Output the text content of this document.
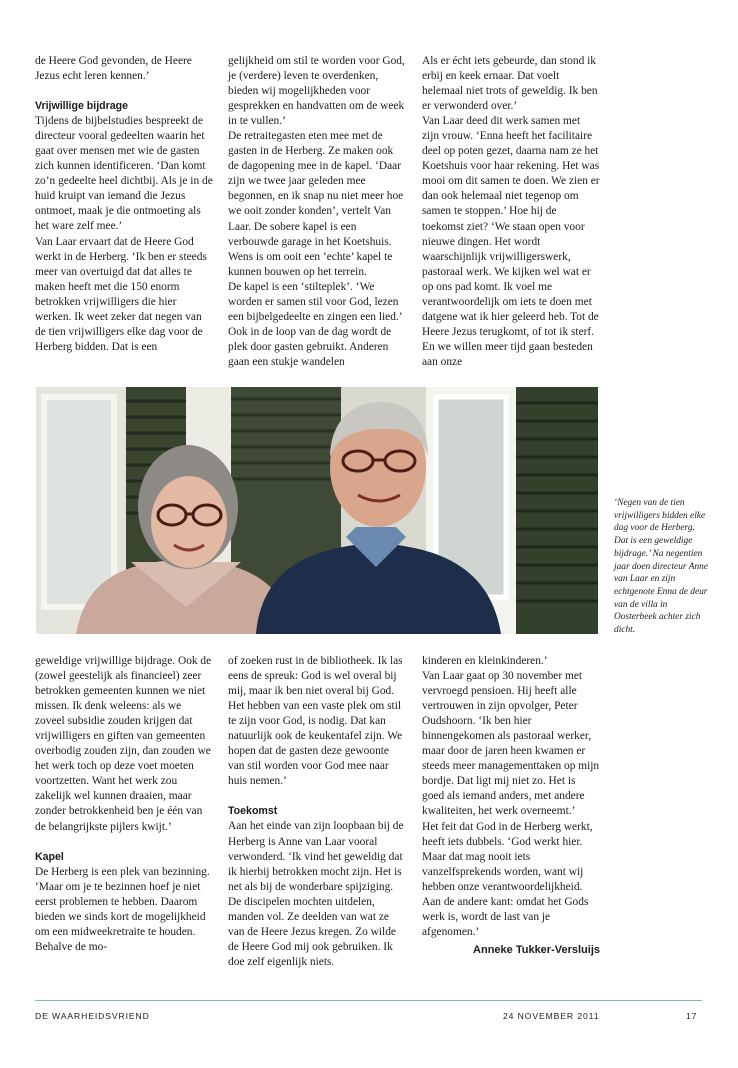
de Heere God gevonden, de Heere Jezus echt leren kennen.’

Vrijwillige bijdrage

Tijdens de bijbelstudies bespreekt de directeur vooral gedeelten waarin het gaat over mensen met wie de gasten zich kunnen identificeren. ‘Dan komt zo’n gedeelte heel dichtbij. Als je in de huid kruipt van iemand die Jezus ontmoet, maak je die ontmoeting als het ware zelf mee.’

Van Laar ervaart dat de Heere God werkt in de Herberg. ‘Ik ben er steeds meer van overtuigd dat dat alles te maken heeft met die 150 enorm betrokken vrijwilligers die hier werken. Ik weet zeker dat negen van de tien vrijwilligers elke dag voor de Herberg bidden. Dat is een

gelijkheid om stil te worden voor God, je (verdere) leven te overdenken, bieden wij mogelijkheden voor gesprekken en handvatten om de week in te vullen.’

De retraitegasten eten mee met de gasten in de Herberg. Ze maken ook de dagopening mee in de kapel. ‘Daar zijn we twee jaar geleden mee begonnen, en ik snap nu niet meer hoe we ooit zonder konden’, vertelt Van Laar. De sobere kapel is een verbouwde garage in het Koetshuis. Wens is om ooit een ‘echte’ kapel te kunnen bouwen op het terrein.

De kapel is een ‘stilteplek’. ‘We worden er samen stil voor God, lezen een bijbelgedeelte en zingen een lied.’ Ook in de loop van de dag wordt de plek door gasten gebruikt. Anderen gaan een stukje wandelen

Als er écht iets gebeurde, dan stond ik erbij en keek ernaar. Dat voelt helemaal niet trots of geweldig. Ik ben er verwonderd over.’

Van Laar deed dit werk samen met zijn vrouw. ‘Enna heeft het facilitaire deel op poten gezet, daarna nam ze het Koetshuis voor haar rekening. Het was mooi om dit samen te doen. We zien er dan ook helemaal niet tegenop om samen te stoppen.’ Hoe hij de toekomst ziet? ‘We staan open voor nieuwe dingen. Het wordt waarschijnlijk vrijwilligerswerk, pastoraal werk. We kijken wel wat er op ons pad komt. Ik voel me verantwoordelijk om iets te doen met datgene wat ik hier geleerd heb. Tot de Heere Jezus terugkomt, of tot ik sterf. En we willen meer tijd gaan besteden aan onze

‘Negen van de tien vrijwilligers bidden elke dag voor de Herberg. Dat is een geweldige bijdrage.’ Na negentien jaar doen directeur Anne van Laar en zijn echtgenote Enna de deur van de villa in Oosterbeek achter zich dicht.

geweldige vrijwillige bijdrage. Ook de (zowel geestelijk als financieel) zeer betrokken gemeenten kunnen we niet missen. Ik denk weleens: als we zoveel subsidie zouden krijgen dat vrijwilligers en giften van gemeenten overbodig zouden zijn, dan zouden we het werk toch op deze voet moeten voortzetten. Want het werk zou zakelijk wel kunnen draaien, maar zonder betrokkenheid ben je één van de belangrijkste pijlers kwijt.’

Kapel

De Herberg is een plek van bezinning. ‘Maar om je te bezinnen hoef je niet eerst problemen te hebben. Daarom bieden we sinds kort de mogelijkheid om een midweekretraite te houden. Behalve de mo-

of zoeken rust in de bibliotheek. Ik las eens de spreuk: God is wel overal bij mij, maar ik ben niet overal bij God. Het hebben van een vaste plek om stil te zijn voor God, is nodig. Dat kan natuurlijk ook de keukentafel zijn. We hopen dat de gasten deze gewoonte van stil worden voor God mee naar huis nemen.’

Toekomst

Aan het einde van zijn loopbaan bij de Herberg is Anne van Laar vooral verwonderd. ‘Ik vind het geweldig dat ik hierbij betrokken mocht zijn. Het is net als bij de wonderbare spijziging. De discipelen mochten uitdelen, manden vol. Ze deelden van wat ze van de Heere Jezus kregen. Zo wilde de Heere God mij ook gebruiken. Ik doe zelf eigenlijk niets.

kinderen en kleinkinderen.’

Van Laar gaat op 30 november met vervroegd pensioen. Hij heeft alle vertrouwen in zijn opvolger, Peter Oudshoorn. ‘Ik ben hier binnengekomen als pastoraal werker, maar door de jaren heen kwamen er steeds meer managementtaken op mijn bordje. Dat ligt mij niet zo. Het is goed als iemand anders, met andere kwaliteiten, het werk overneemt.’

Het feit dat God in de Herberg werkt, heeft iets dubbels. ‘God werkt hier. Maar dat mag nooit iets vanzelfsprekends worden, want wij hebben onze verantwoordelijkheid. Aan de andere kant: omdat het Gods werk is, wordt de last van je afgenomen.’

Anneke Tukker-Versluijs
DE WAARHEIDSVRIEND	24 NOVEMBER 2011	17
